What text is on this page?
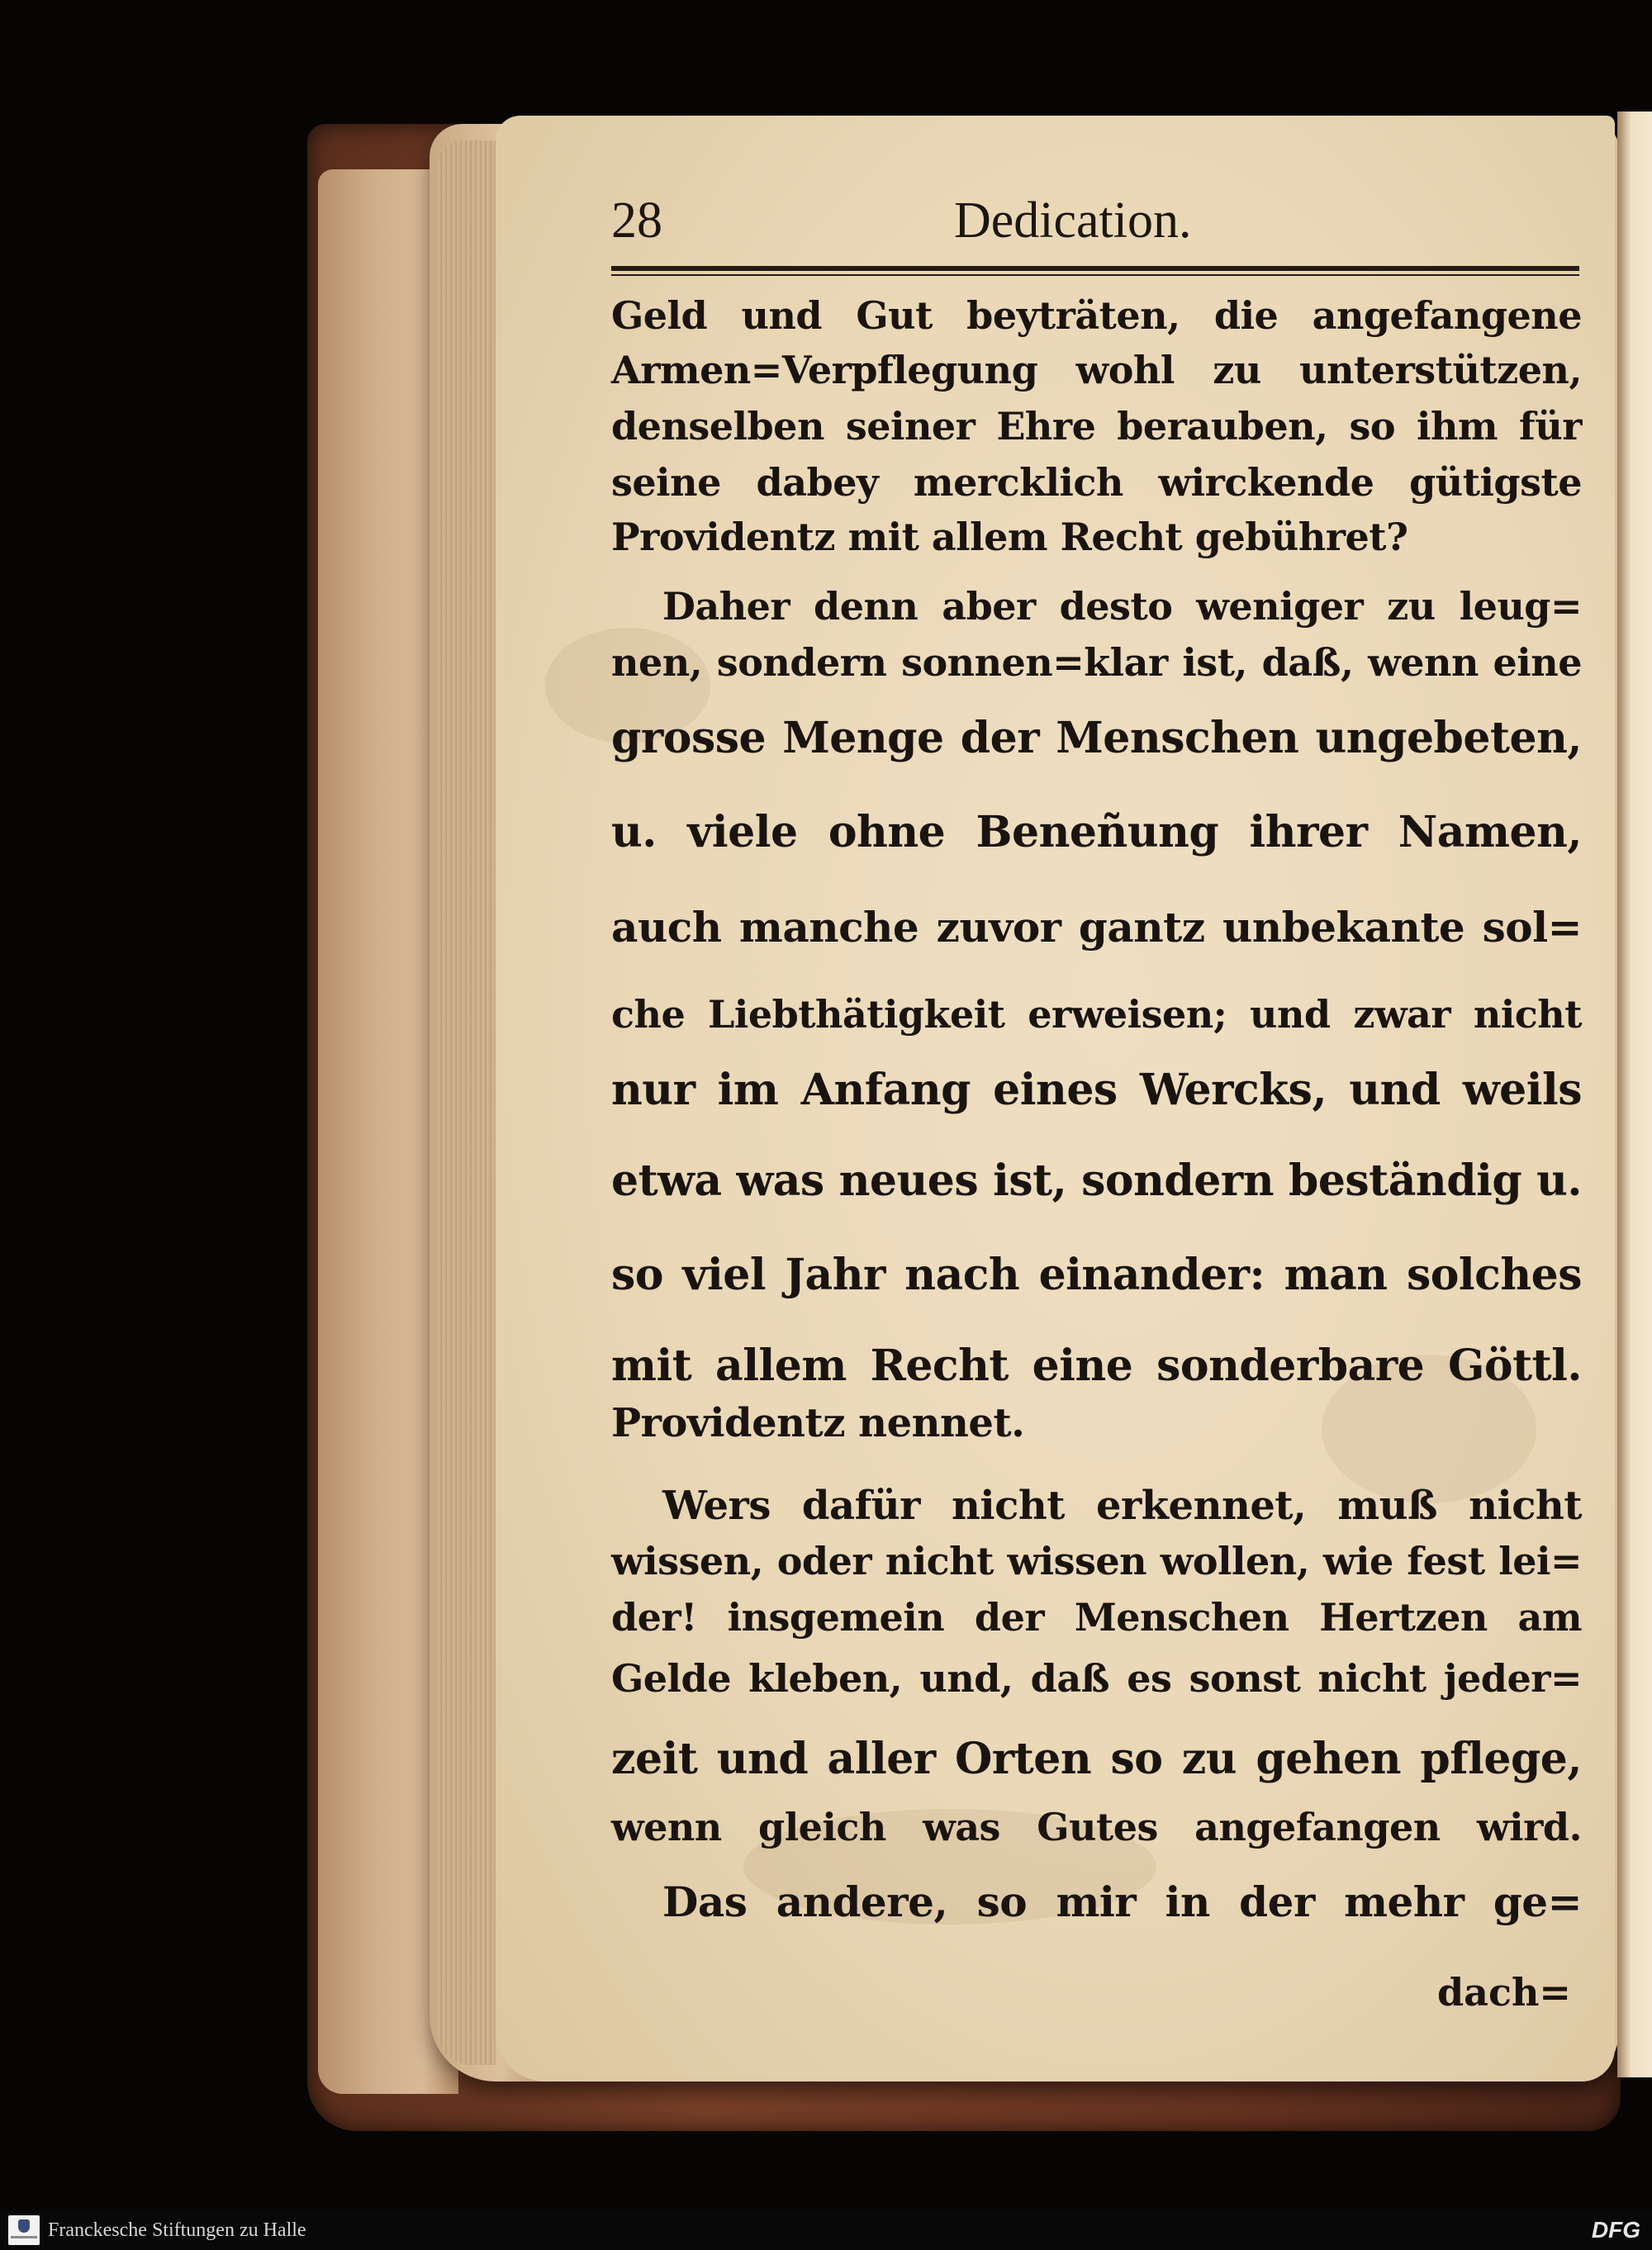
28	Dedication.
Geld und Gut beyträten, die angefangene
Armen=Verpflegung wohl zu unterstützen,
denselben seiner Ehre berauben, so ihm für
seine dabey mercklich wirckende gütigste
Providentz mit allem Recht gebühret?
Daher denn aber desto weniger zu leug=
nen, sondern sonnen=klar ist, daß, wenn eine
grosse Menge der Menschen ungebeten,
u. viele ohne Beneñung ihrer Namen,
auch manche zuvor gantz unbekante sol=
che Liebthätigkeit erweisen; und zwar nicht
nur im Anfang eines Wercks, und weils
etwa was neues ist, sondern beständig u.
so viel Jahr nach einander: man solches
mit allem Recht eine sonderbare Göttl.
Providentz nennet.
Wers dafür nicht erkennet, muß nicht
wissen, oder nicht wissen wollen, wie fest lei=
der! insgemein der Menschen Hertzen am
Gelde kleben, und, daß es sonst nicht jeder=
zeit und aller Orten so zu gehen pflege,
wenn gleich was Gutes angefangen wird.
Das andere, so mir in der mehr ge=
dach=
Franckesche Stiftungen zu Halle	DFG
